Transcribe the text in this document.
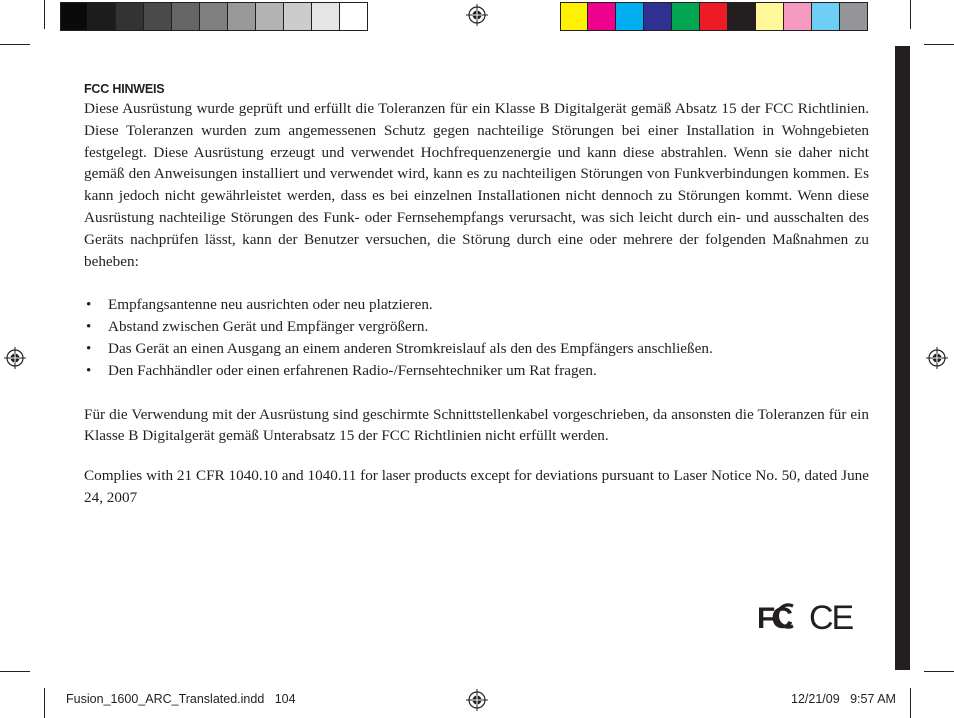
FCC HINWEIS

Diese Ausrüstung wurde geprüft und erfüllt die Toleranzen für ein Klasse B Digitalgerät gemäß Absatz 15 der FCC Richtlinien. Diese Toleranzen wurden zum angemessenen Schutz gegen nachteilige Störungen bei einer Installation in Wohngebieten festgelegt. Diese Ausrüstung erzeugt und verwendet Hochfrequenzenergie und kann diese abstrahlen. Wenn sie daher nicht gemäß den Anweisungen installiert und verwendet wird, kann es zu nachteiligen Störungen von Funkverbindungen kommen. Es kann jedoch nicht gewährleistet werden, dass es bei einzelnen Installationen nicht dennoch zu Störungen kommt. Wenn diese Ausrüstung nachteilige Störungen des Funk- oder Fernsehempfangs verursacht, was sich leicht durch ein- und ausschalten des Geräts nachprüfen lässt, kann der Benutzer versuchen, die Störung durch eine oder mehrere der folgenden Maßnahmen zu beheben:

• Empfangsantenne neu ausrichten oder neu platzieren.
• Abstand zwischen Gerät und Empfänger vergrößern.
• Das Gerät an einen Ausgang an einem anderen Stromkreislauf als den des Empfängers anschließen.
• Den Fachhändler oder einen erfahrenen Radio-/Fernsehtechniker um Rat fragen.

Für die Verwendung mit der Ausrüstung sind geschirmte Schnittstellenkabel vorgeschrieben, da ansonsten die Toleranzen für ein Klasse B Digitalgerät gemäß Unterabsatz 15 der FCC Richtlinien nicht erfüllt werden.

Complies with 21 CFR 1040.10 and 1040.11 for laser products except for deviations pursuant to Laser Notice No. 50, dated June 24, 2007

FC CE
Fusion_1600_ARC_Translated.indd 104	12/21/09 9:57 AM
